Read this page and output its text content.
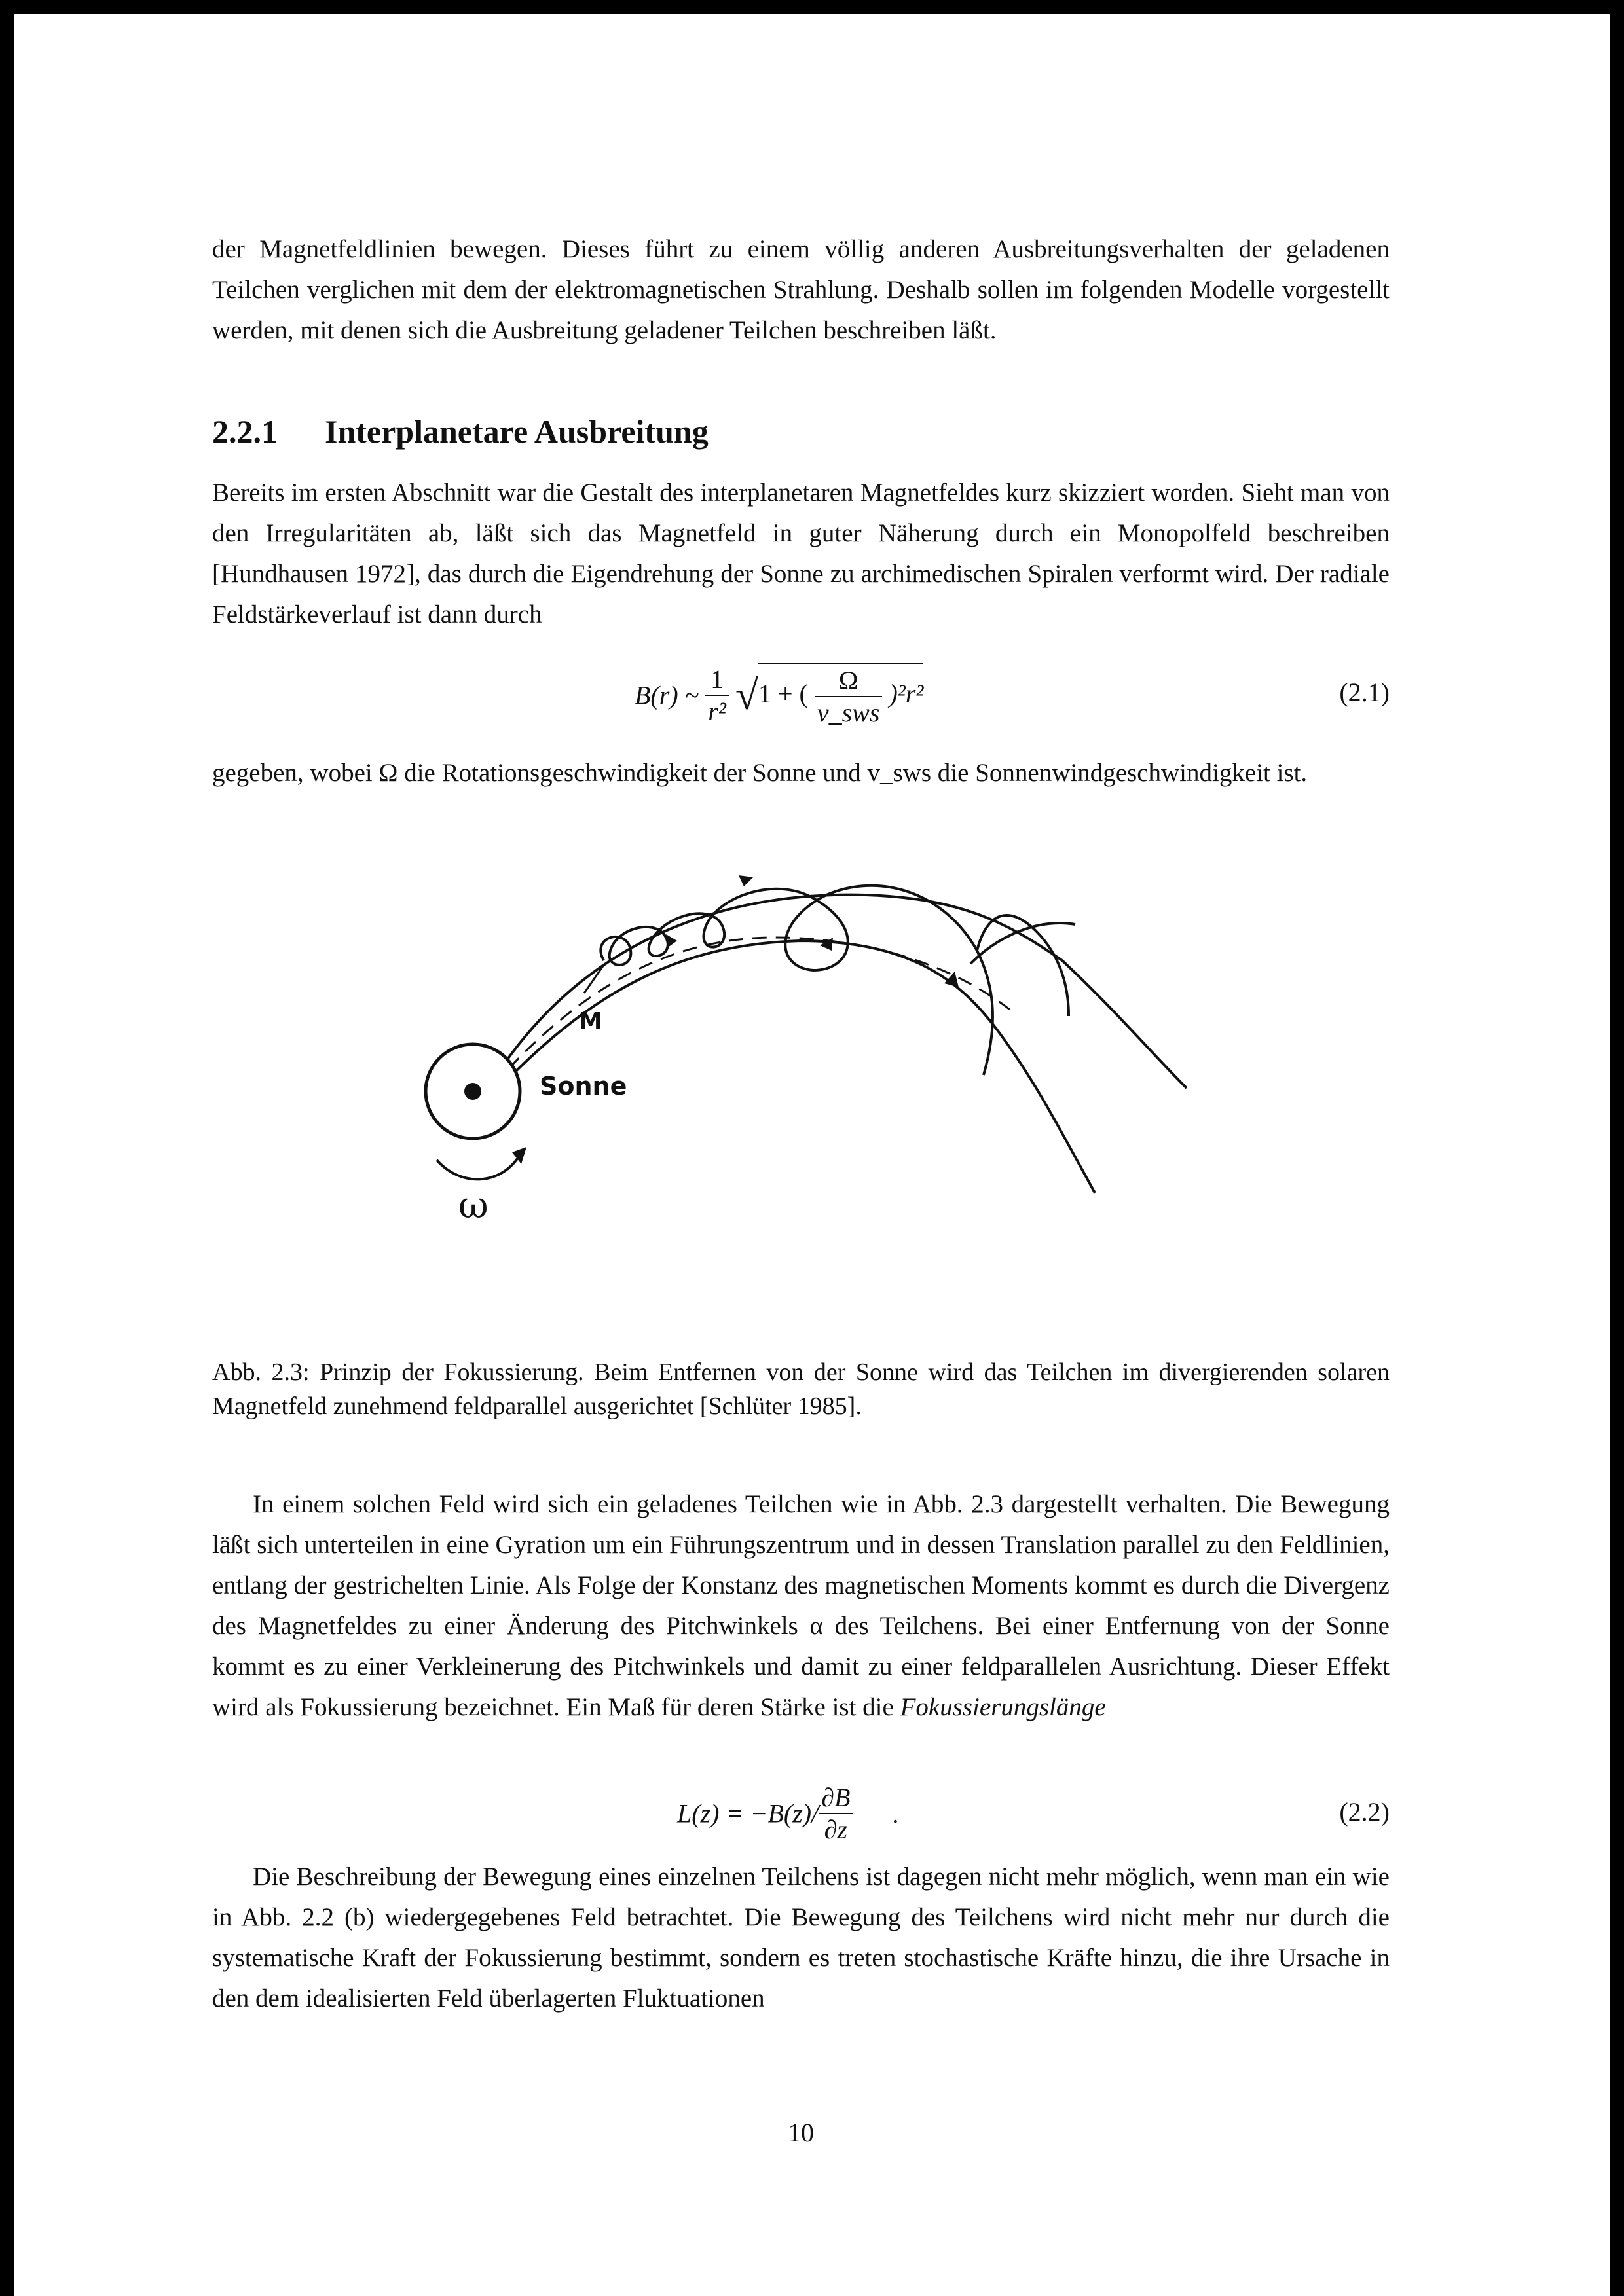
der Magnetfeldlinien bewegen. Dieses führt zu einem völlig anderen Ausbreitungsverhalten der geladenen Teilchen verglichen mit dem der elektromagnetischen Strahlung. Deshalb sollen im folgenden Modelle vorgestellt werden, mit denen sich die Ausbreitung geladener Teilchen beschreiben läßt.

2.2.1 Interplanetare Ausbreitung

Bereits im ersten Abschnitt war die Gestalt des interplanetaren Magnetfeldes kurz skizziert worden. Sieht man von den Irregularitäten ab, läßt sich das Magnetfeld in guter Näherung durch ein Monopolfeld beschreiben [Hundhausen 1972], das durch die Eigendrehung der Sonne zu archimedischen Spiralen verformt wird. Der radiale Feldstärkeverlauf ist dann durch

B(r) ~ $\frac{1}{\text{r²}} √1$ + ( $\frac{\Omega}{\text{v\_sws}} )^2r^2$	(2.1)

gegeben, wobei Ω die Rotationsgeschwindigkeit der Sonne und v_sws die Sonnenwindgeschwindigkeit ist.

Abb. 2.3: Prinzip der Fokussierung. Beim Entfernen von der Sonne wird das Teilchen im divergierenden solaren Magnetfeld zunehmend feldparallel ausgerichtet [Schlüter 1985].

In einem solchen Feld wird sich ein geladenes Teilchen wie in Abb. 2.3 dargestellt verhalten. Die Bewegung läßt sich unterteilen in eine Gyration um ein Führungszentrum und in dessen Translation parallel zu den Feldlinien, entlang der gestrichelten Linie. Als Folge der Konstanz des magnetischen Moments kommt es durch die Divergenz des Magnetfeldes zu einer Änderung des Pitchwinkels α des Teilchens. Bei einer Entfernung von der Sonne kommt es zu einer Verkleinerung des Pitchwinkels und damit zu einer feldparallelen Ausrichtung. Dieser Effekt wird als Fokussierung bezeichnet. Ein Maß für deren Stärke ist die Fokussierungslänge

$L(z) = -B(z)/ \frac{\partial B}{\partial z}$ .	(2.2)

Die Beschreibung der Bewegung eines einzelnen Teilchens ist dagegen nicht mehr möglich, wenn man ein wie in Abb. 2.2 (b) wiedergegebenes Feld betrachtet. Die Bewegung des Teilchens wird nicht mehr nur durch die systematische Kraft der Fokussierung bestimmt, sondern es treten stochastische Kräfte hinzu, die ihre Ursache in den dem idealisierten Feld überlagerten Fluktuationen

10
M
Sonne
ω
